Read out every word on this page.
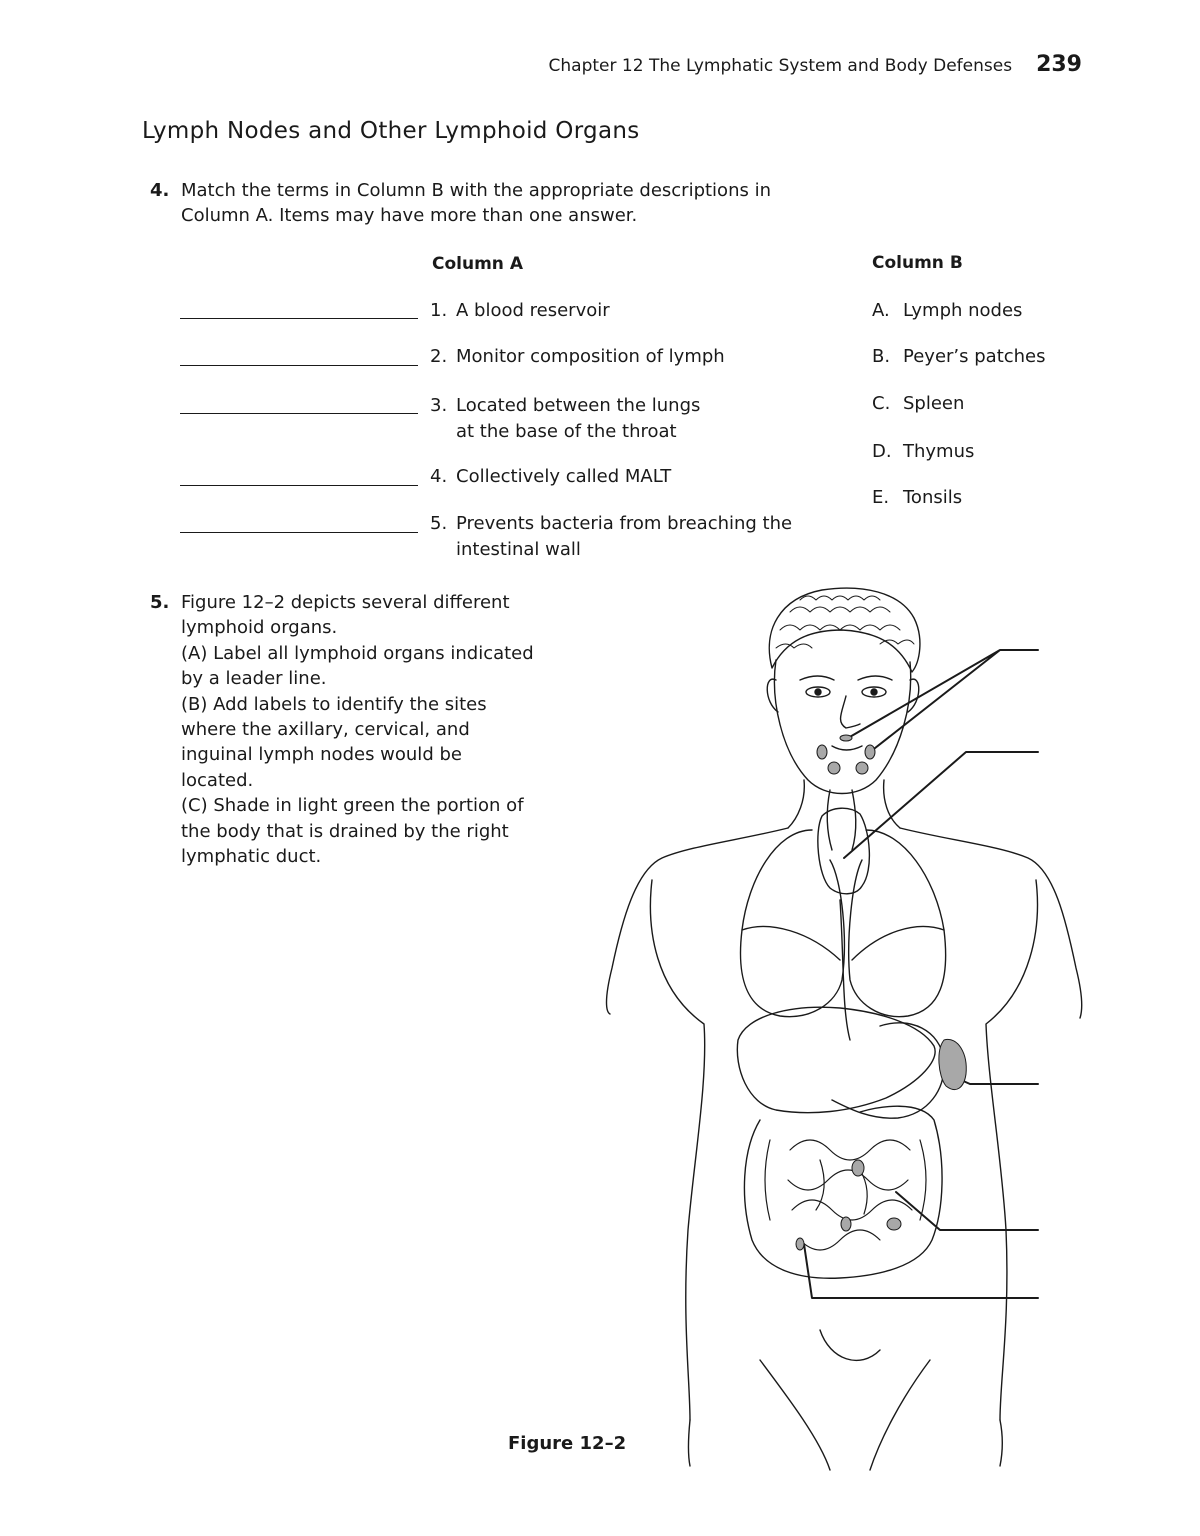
Chapter 12 The Lymphatic System and Body Defenses 239
Lymph Nodes and Other Lymphoid Organs
4. Match the terms in Column B with the appropriate descriptions in
Column A. Items may have more than one answer.
Column A	Column B
1. A blood reservoir
2. Monitor composition of lymph
3. Located between the lungs
at the base of the throat
4. Collectively called MALT
5. Prevents bacteria from breaching the
intestinal wall
A. Lymph nodes
B. Peyer’s patches
C. Spleen
D. Thymus
E. Tonsils
5. Figure 12–2 depicts several different
lymphoid organs.
(A) Label all lymphoid organs indicated
by a leader line.
(B) Add labels to identify the sites
where the axillary, cervical, and
inguinal lymph nodes would be
located.
(C) Shade in light green the portion of
the body that is drained by the right
lymphatic duct.
Figure 12–2
